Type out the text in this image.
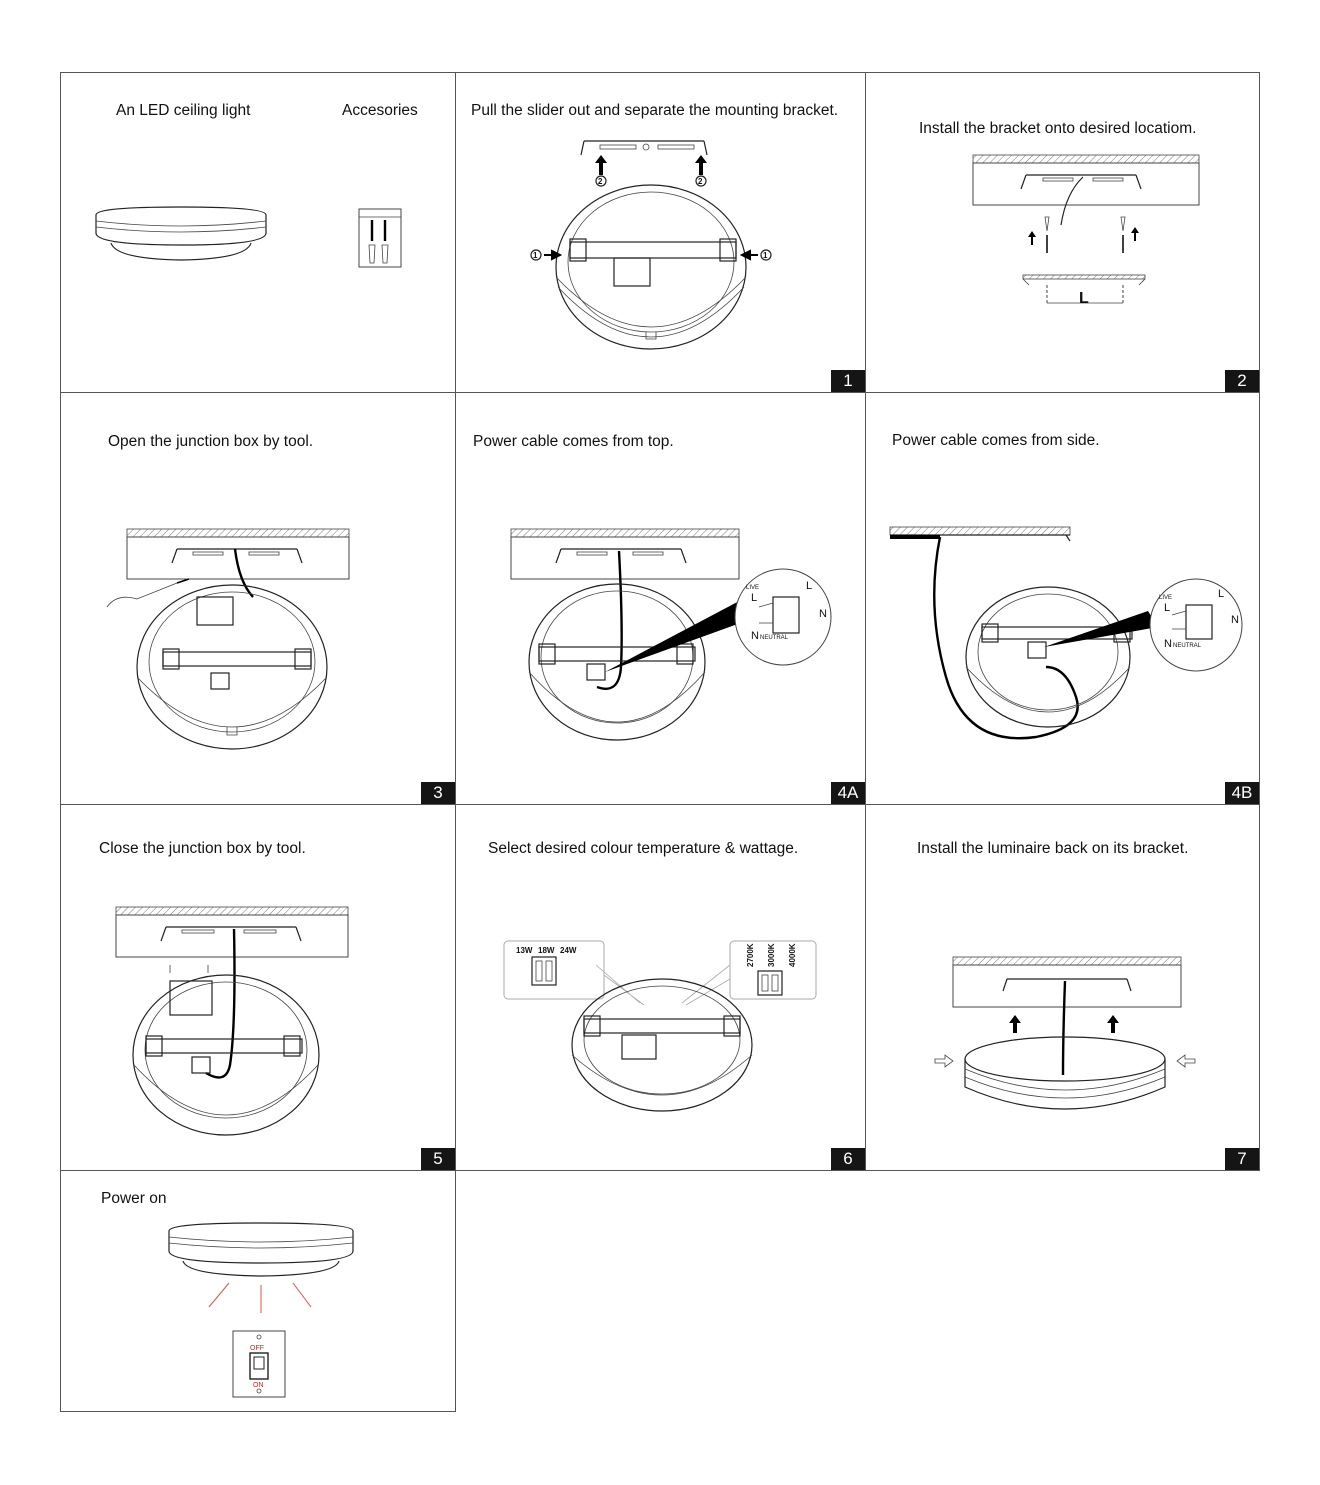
An LED ceiling light	Accesories	Pull the slider out and separate the mounting bracket.
2	2
1	1
1
Install the bracket onto desired locatiom.
L
2
Open the junction box by tool.
3
Power cable comes from top.
LIVE
L
N NEUTRAL
L
N
4A
Power cable comes from side.
LIVE
L
N NEUTRAL
L
N
4B
Close the junction box by tool.
5
Select desired colour temperature & wattage.
13W 18W 24W	2700K 3000K 4000K
6
Install the luminaire back on its bracket.
7
Power on
OFF
ON
